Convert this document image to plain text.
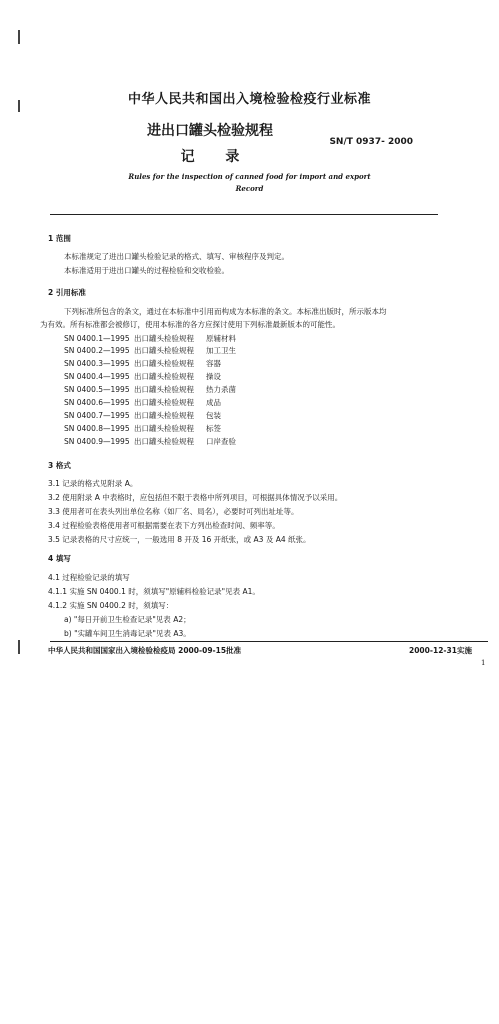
中华人民共和国出入境检验检疫行业标准
进出口罐头检验规程
记 录
SN/T 0937- 2000
Rules for the inspection of canned food for import and export
Record
1 范围
本标准规定了进出口罐头检验记录的格式、填写、审核程序及判定。
本标准适用于进出口罐头的过程检验和交收检验。
2 引用标准
下列标准所包含的条文，通过在本标准中引用而构成为本标准的条文。本标准出版时，所示版本均
为有效。所有标准都会被修订，使用本标准的各方应探讨使用下列标准最新版本的可能性。
SN 0400.1—1995 出口罐头检验规程 原辅材料
SN 0400.2—1995 出口罐头检验规程 加工卫生
SN 0400.3—1995 出口罐头检验规程 容器
SN 0400.4—1995 出口罐头检验规程 操设
SN 0400.5—1995 出口罐头检验规程 热力杀菌
SN 0400.6—1995 出口罐头检验规程 成品
SN 0400.7—1995 出口罐头检验规程 包装
SN 0400.8—1995 出口罐头检验规程 标签
SN 0400.9—1995 出口罐头检验规程 口岸查验
3 格式
3.1 记录的格式见附录 A。
3.2 使用附录 A 中表格时，应包括但不限于表格中所列项目，可根据具体情况予以采用。
3.3 使用者可在表头列出单位名称（如厂名、局名），必要时可列出址址等。
3.4 过程检验表格使用者可根据需要在表下方列出检查时间、频率等。
3.5 记录表格的尺寸应统一，一般选用 8 开及 16 开纸张，或 A3 及 A4 纸张。
4 填写
4.1 过程检验记录的填写
4.1.1 实施 SN 0400.1 时，须填写"原辅料检验记录"见表 A1。
4.1.2 实施 SN 0400.2 时，须填写：
a) "每日开前卫生检查记录"见表 A2；
b) "实罐车间卫生消毒记录"见表 A3。
中华人民共和国国家出入境检验检疫局 2000-09-15批准	2000-12-31实施
1
